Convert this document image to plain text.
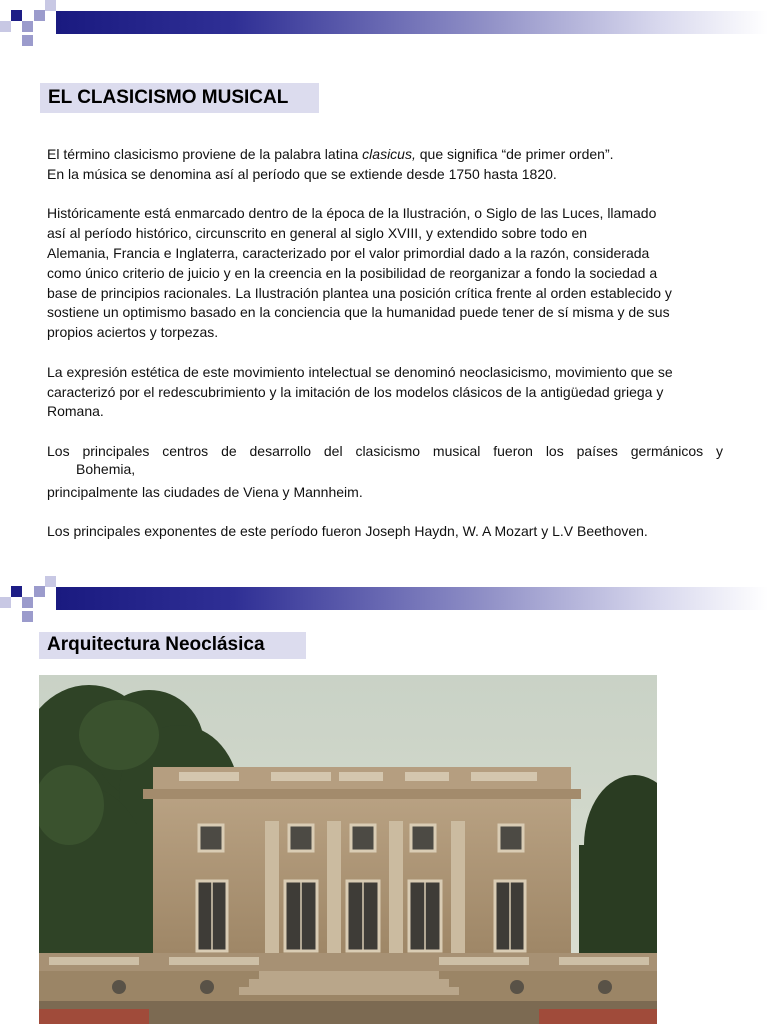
EL CLASICISMO MUSICAL

El término clasicismo proviene de la palabra latina clasicus, que significa “de primer orden”.

En la música se denomina así al período que se extiende desde 1750 hasta 1820.

Históricamente está enmarcado dentro de la época de la Ilustración, o Siglo de las Luces, llamado

así al período histórico, circunscrito en general al siglo XVIII, y extendido sobre todo en

Alemania, Francia e Inglaterra, caracterizado por el valor primordial dado a la razón, considerada

como único criterio de juicio y en la creencia en la posibilidad de reorganizar a fondo la sociedad a

base de principios racionales. La Ilustración plantea una posición crítica frente al orden establecido y

sostiene un optimismo basado en la conciencia que la humanidad puede tener de sí misma y de sus

propios aciertos y torpezas.

La expresión estética de este movimiento intelectual se denominó neoclasicismo, movimiento que se

caracterizó por el redescubrimiento y la imitación de los modelos clásicos de la antigüedad griega y

Romana.

Los principales centros de desarrollo del clasicismo musical fueron los países germánicos y

Bohemia,

principalmente las ciudades de Viena y Mannheim.

Los principales exponentes de este período fueron Joseph Haydn, W. A Mozart y L.V Beethoven.

Arquitectura Neoclásica
